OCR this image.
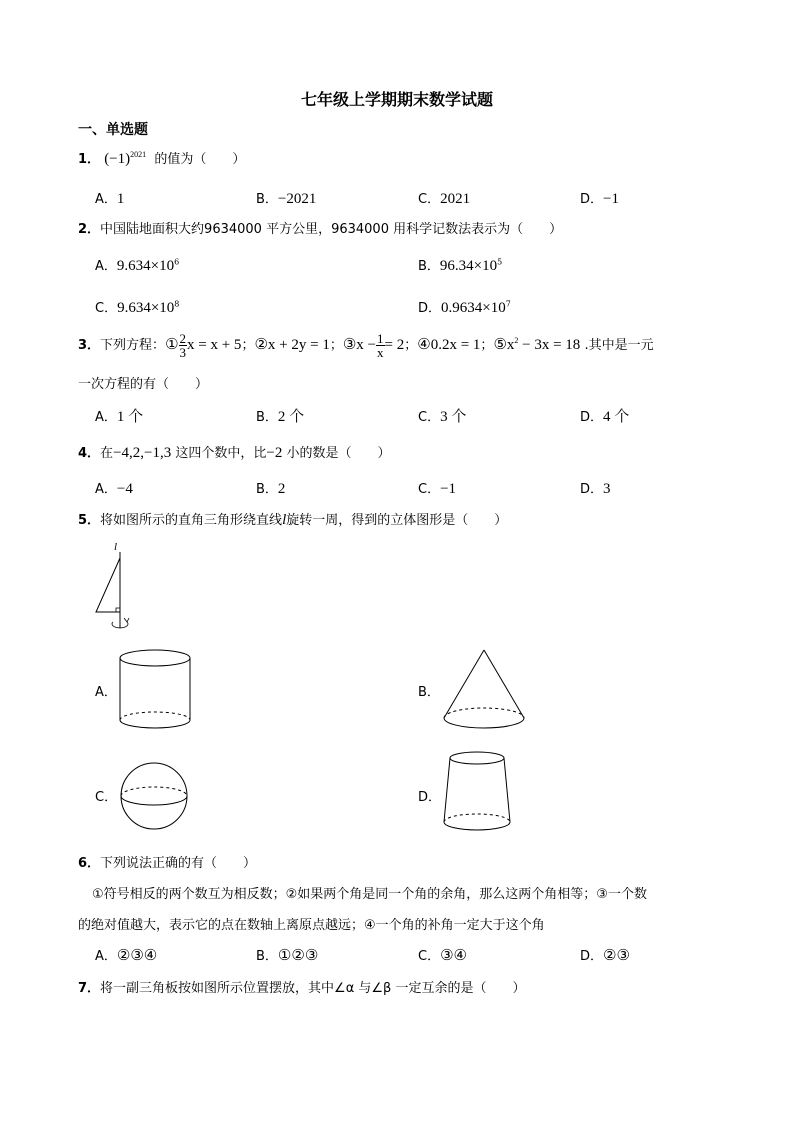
七年级上学期期末数学试题
一、单选题
1． $(-1)^{2021}$ 的值为（　　）
A．1	B．−2021	C．2021	D．−1
2．中国陆地面积大约9634000 平方公里，9634000 用科学记数法表示为（　　）
A．$9.634\times 10^6$	B．$96.34\times 10^5$
C．$9.634\times 10^8$	D．$0.9634\times 10^7$
3．下列方程：① $\frac{2}{3}$ x = x + 5；②x + 2y = 1；③x − $\frac{1}{x} = 2$；④0.2x = 1；$⑤x^2 - 3x = 18$ .其中是一元
一次方程的有（　　）
A．1 个	B．2 个	C．3 个	D．4 个
4．在−4,2,−1,3 这四个数中，比−2 小的数是（　　）
A．−4	B．2	C．−1	D．3
5．将如图所示的直角三角形绕直线l旋转一周，得到的立体图形是（　　）
l
A．	B．
C．	D．
6．下列说法正确的有（　　）
①符号相反的两个数互为相反数；②如果两个角是同一个角的余角，那么这两个角相等；③一个数
的绝对值越大，表示它的点在数轴上离原点越远；④一个角的补角一定大于这个角
A．②③④	B．①②③	C．③④	D．②③
7．将一副三角板按如图所示位置摆放，其中∠α 与∠β 一定互余的是（　　）
